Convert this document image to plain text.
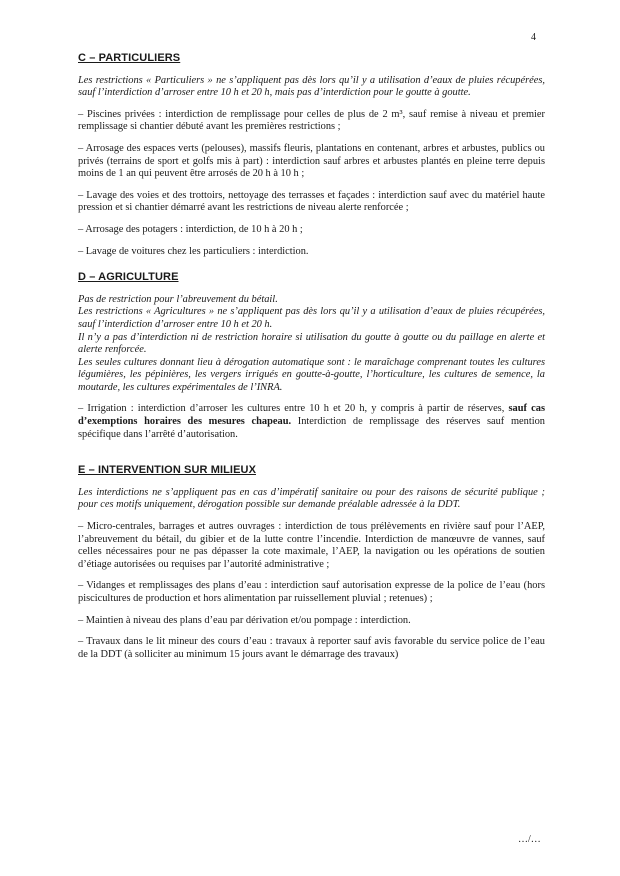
4
C – PARTICULIERS

Les restrictions « Particuliers » ne s’appliquent pas dès lors qu’il y a utilisation d’eaux de pluies récupérées, sauf l’interdiction d’arroser entre 10 h et 20 h, mais pas d’interdiction pour le goutte à goutte.

– Piscines privées : interdiction de remplissage pour celles de plus de 2 m³, sauf remise à niveau et premier remplissage si chantier débuté avant les premières restrictions ;

– Arrosage des espaces verts (pelouses), massifs fleuris, plantations en contenant, arbres et arbustes, publics ou privés (terrains de sport et golfs mis à part) : interdiction sauf arbres et arbustes plantés en pleine terre depuis moins de 1 an qui peuvent être arrosés de 20 h à 10 h ;

– Lavage des voies et des trottoirs, nettoyage des terrasses et façades : interdiction sauf avec du matériel haute pression et si chantier démarré avant les restrictions de niveau alerte renforcée ;

– Arrosage des potagers : interdiction, de 10 h à 20 h ;

– Lavage de voitures chez les particuliers : interdiction.

D – AGRICULTURE
Pas de restriction pour l’abreuvement du bétail.
Les restrictions « Agricultures » ne s’appliquent pas dès lors qu’il y a utilisation d’eaux de pluies récupérées, sauf l’interdiction d’arroser entre 10 h et 20 h.
Il n’y a pas d’interdiction ni de restriction horaire si utilisation du goutte à goutte ou du paillage en alerte et alerte renforcée.
Les seules cultures donnant lieu à dérogation automatique sont : le maraîchage comprenant toutes les cultures légumières, les pépinières, les vergers irrigués en goutte-à-goutte, l’horticulture, les cultures de semence, la moutarde, les cultures expérimentales de l’INRA.

– Irrigation : interdiction d’arroser les cultures entre 10 h et 20 h, y compris à partir de réserves, sauf cas d’exemptions horaires des mesures chapeau. Interdiction de remplissage des réserves sauf mention spécifique dans l’arrêté d’autorisation.

E – INTERVENTION SUR MILIEUX

Les interdictions ne s’appliquent pas en cas d’impératif sanitaire ou pour des raisons de sécurité publique ; pour ces motifs uniquement, dérogation possible sur demande préalable adressée à la DDT.

– Micro-centrales, barrages et autres ouvrages : interdiction de tous prélèvements en rivière sauf pour l’AEP, l’abreuvement du bétail, du gibier et de la lutte contre l’incendie. Interdiction de manœuvre de vannes, sauf celles nécessaires pour ne pas dépasser la cote maximale, l’AEP, la navigation ou les opérations de soutien d’étiage autorisées ou requises par l’autorité administrative ;

– Vidanges et remplissages des plans d’eau : interdiction sauf autorisation expresse de la police de l’eau (hors piscicultures de production et hors alimentation par ruissellement pluvial ; retenues) ;

– Maintien à niveau des plans d’eau par dérivation et/ou pompage : interdiction.

– Travaux dans le lit mineur des cours d’eau : travaux à reporter sauf avis favorable du service police de l’eau de la DDT (à solliciter au minimum 15 jours avant le démarrage des travaux)

…/…
